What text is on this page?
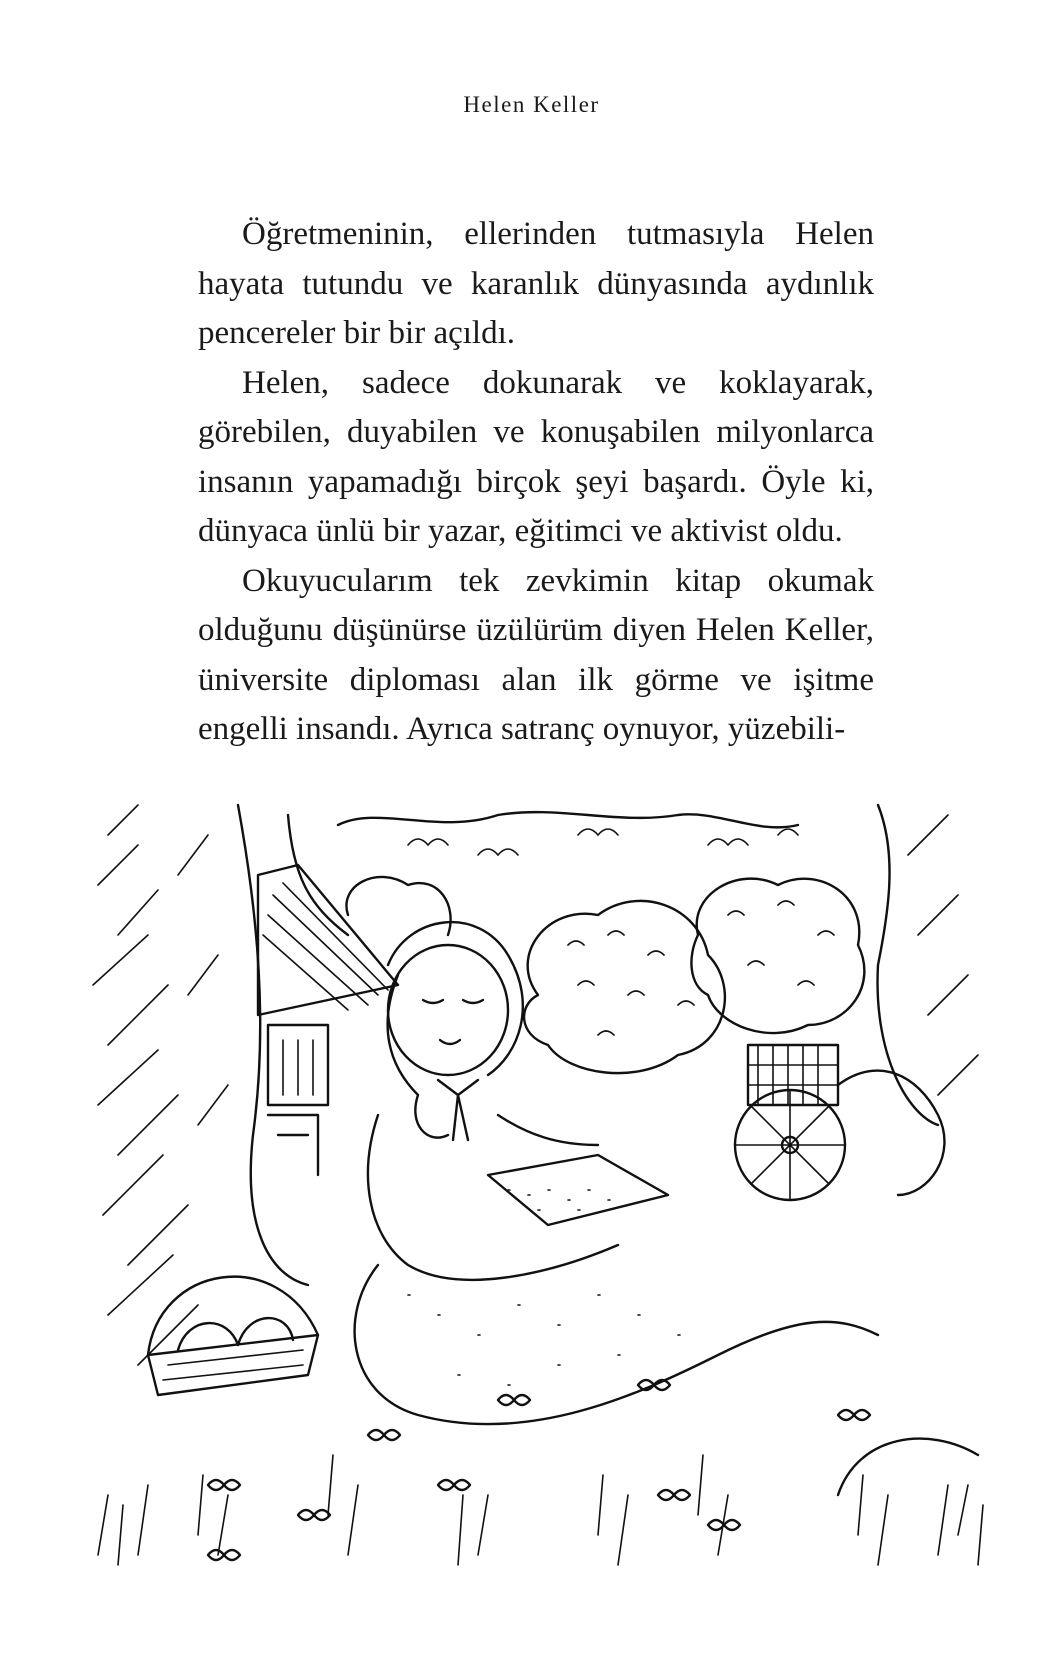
Helen Keller

Öğretmeninin, ellerinden tutmasıyla Helen hayata tutundu ve karanlık dünyasında aydınlık pencereler bir bir açıldı.

Helen, sadece dokunarak ve koklayarak, görebilen, duyabilen ve konuşabilen milyonlarca insanın yapamadığı birçok şeyi başardı. Öyle ki, dünyaca ünlü bir yazar, eğitimci ve aktivist oldu.

Okuyucularım tek zevkimin kitap okumak olduğunu düşünürse üzülürüm diyen Helen Keller, üniversite diploması alan ilk görme ve işitme engelli insandı. Ayrıca satranç oynuyor, yüzebili-
